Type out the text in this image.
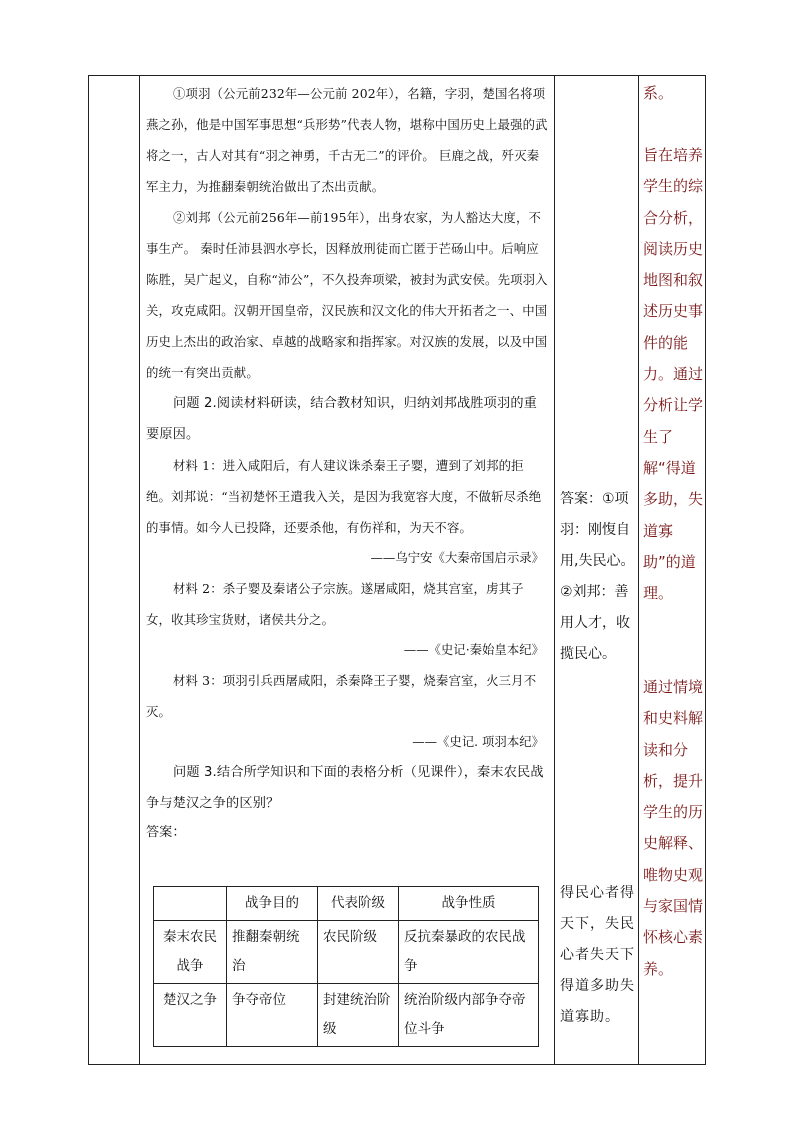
①项羽（公元前232年—公元前 202年），名籍，字羽，楚国名将项燕之孙，他是中国军事思想“兵形势”代表人物，堪称中国历史上最强的武将之一，古人对其有“羽之神勇，千古无二”的评价。 巨鹿之战，歼灭秦军主力，为推翻秦朝统治做出了杰出贡献。

②刘邦（公元前256年—前195年），出身农家，为人豁达大度，不事生产。 秦时任沛县泗水亭长，因释放刑徒而亡匿于芒砀山中。后响应陈胜，吴广起义，自称“沛公”，不久投奔项梁，被封为武安侯。先项羽入关，攻克咸阳。汉朝开国皇帝，汉民族和汉文化的伟大开拓者之一、中国历史上杰出的政治家、卓越的战略家和指挥家。对汉族的发展，以及中国的统一有突出贡献。

问题 2.阅读材料研读，结合教材知识，归纳刘邦战胜项羽的重要原因。

材料 1：进入咸阳后，有人建议诛杀秦王子婴，遭到了刘邦的拒绝。刘邦说：“当初楚怀王遣我入关，是因为我宽容大度，不做斩尽杀绝的事情。如今人已投降，还要杀他，有伤祥和，为天不容。

——乌宁安《大秦帝国启示录》

材料 2：杀子婴及秦诸公子宗族。遂屠咸阳，烧其宫室，虏其子女，收其珍宝货财，诸侯共分之。

——《史记·秦始皇本纪》

材料 3：项羽引兵西屠咸阳，杀秦降王子婴，烧秦宫室，火三月不灭。

——《史记. 项羽本纪》

问题 3.结合所学知识和下面的表格分析（见课件），秦末农民战争与楚汉之争的区别？

答案：

	战争目的	代表阶级	战争性质
秦末农民战争	推翻秦朝统治	农民阶级	反抗秦暴政的农民战争
楚汉之争	争夺帝位	封建统治阶级	统治阶级内部争夺帝位斗争
答案：①项羽：刚愎自用,失民心。②刘邦：善用人才，收揽民心。
得民心者得天下，失民心者失天下得道多助失道寡助。
系。
旨在培养学生的综合分析，阅读历史地图和叙述历史事件的能力。通过分析让学生了解“得道多助，失道寡助”的道理。
通过情境和史料解读和分析，提升学生的历史解释、唯物史观与家国情怀核心素养。
